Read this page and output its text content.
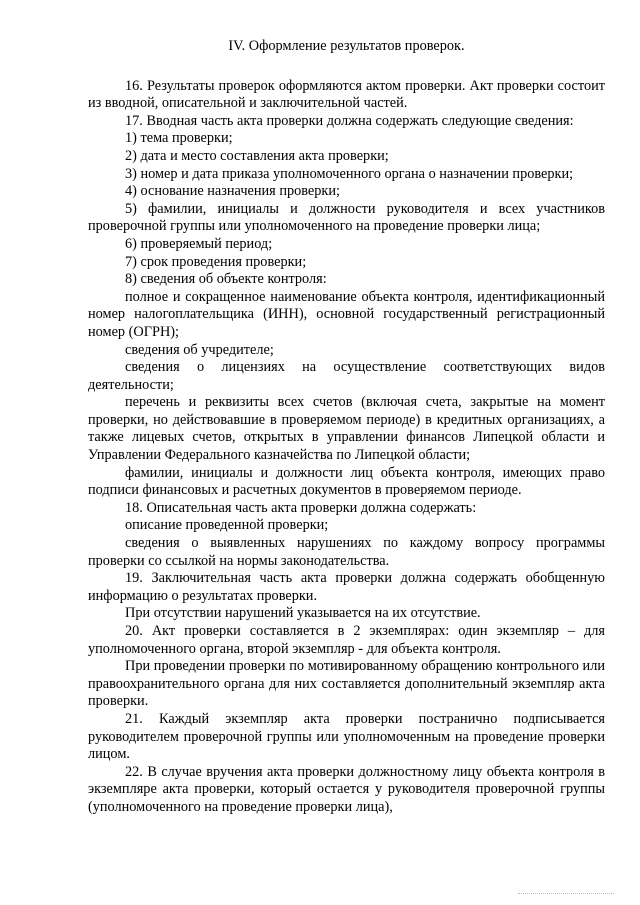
IV. Оформление результатов проверок.

16. Результаты проверок оформляются актом проверки. Акт проверки состоит из вводной, описательной и заключительной частей.

17. Вводная часть акта проверки должна содержать следующие сведения:

1) тема проверки;

2) дата и место составления акта проверки;

3) номер и дата приказа уполномоченного органа о назначении проверки;

4) основание назначения проверки;

5) фамилии, инициалы и должности руководителя и всех участников проверочной группы или уполномоченного на проведение проверки лица;

6) проверяемый период;

7) срок проведения проверки;

8) сведения об объекте контроля:

полное и сокращенное наименование объекта контроля, идентификационный номер налогоплательщика (ИНН), основной государственный регистрационный номер (ОГРН);

сведения об учредителе;

сведения о лицензиях на осуществление соответствующих видов деятельности;

перечень и реквизиты всех счетов (включая счета, закрытые на момент проверки, но действовавшие в проверяемом периоде) в кредитных организациях, а также лицевых счетов, открытых в управлении финансов Липецкой области и Управлении Федерального казначейства по Липецкой области;

фамилии, инициалы и должности лиц объекта контроля, имеющих право подписи финансовых и расчетных документов в проверяемом периоде.

18. Описательная часть акта проверки должна содержать:

описание проведенной проверки;

сведения о выявленных нарушениях по каждому вопросу программы проверки со ссылкой на нормы законодательства.

19. Заключительная часть акта проверки должна содержать обобщенную информацию о результатах проверки.

При отсутствии нарушений указывается на их отсутствие.

20. Акт проверки составляется в 2 экземплярах: один экземпляр – для уполномоченного органа, второй экземпляр - для объекта контроля.

При проведении проверки по мотивированному обращению контрольного или правоохранительного органа для них составляется дополнительный экземпляр акта проверки.

21. Каждый экземпляр акта проверки постранично подписывается руководителем проверочной группы или уполномоченным на проведение проверки лицом.

22. В случае вручения акта проверки должностному лицу объекта контроля в экземпляре акта проверки, который остается у руководителя проверочной группы (уполномоченного на проведение проверки лица),
